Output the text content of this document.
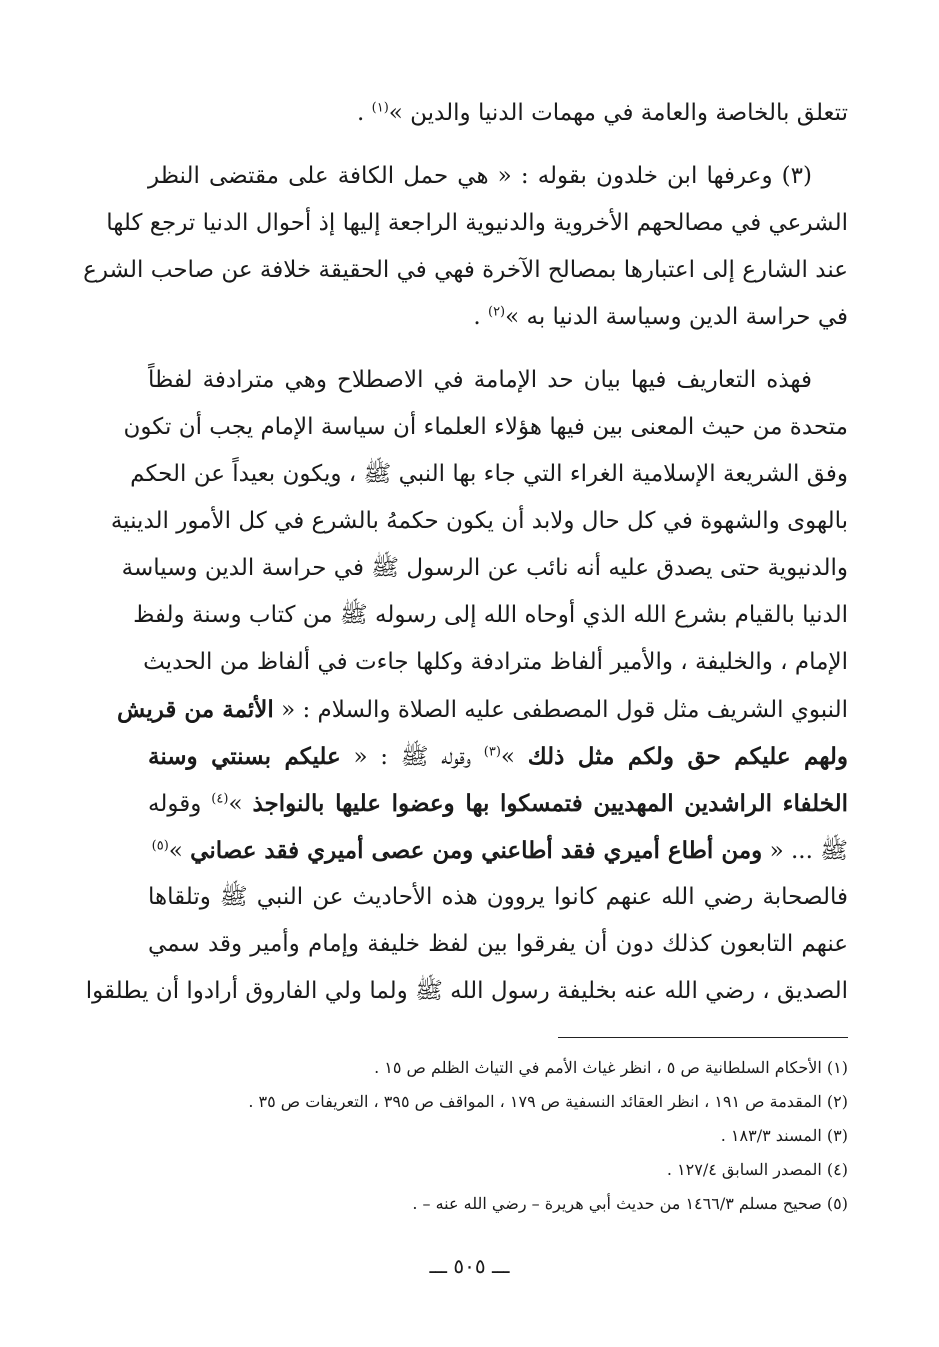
تتعلق بالخاصة والعامة في مهمات الدنيا والدين »$^{(١)}$ .
(٣) وعرفها ابن خلدون بقوله : « هي حمل الكافة على مقتضى النظر
الشرعي في مصالحهم الأخروية والدنيوية الراجعة إليها إذ أحوال الدنيا ترجع كلها
عند الشارع إلى اعتبارها بمصالح الآخرة فهي في الحقيقة خلافة عن صاحب الشرع
في حراسة الدين وسياسة الدنيا به »$^{(٢)}$ .
فهذه التعاريف فيها بيان حد الإمامة في الاصطلاح وهي مترادفة لفظاً
متحدة من حيث المعنى بين فيها هؤلاء العلماء أن سياسة الإمام يجب أن تكون
وفق الشريعة الإسلامية الغراء التي جاء بها النبي ﷺ ، ويكون بعيداً عن الحكم
بالهوى والشهوة في كل حال ولابد أن يكون حكمهُ بالشرع في كل الأمور الدينية
والدنيوية حتى يصدق عليه أنه نائب عن الرسول ﷺ في حراسة الدين وسياسة
الدنيا بالقيام بشرع الله الذي أوحاه الله إلى رسوله ﷺ من كتاب وسنة ولفظ
الإمام ، والخليفة ، والأمير ألفاظ مترادفة وكلها جاءت في ألفاظ من الحديث
النبوي الشريف مثل قول المصطفى عليه الصلاة والسلام : « الأئمة من قريش
ولهم عليكم حق ولكم مثل ذلك »$^{(٣)}$ وقوله ﷺ : « عليكم بسنتي وسنة
الخلفاء الراشدين المهديين فتمسكوا بها وعضوا عليها بالنواجذ »$^{(٤)}$ وقوله
ﷺ ... « ومن أطاع أميري فقد أطاعني ومن عصى أميري فقد عصاني »$^{(٥)}$
فالصحابة رضي الله عنهم كانوا يروون هذه الأحاديث عن النبي ﷺ وتلقاها
عنهم التابعون كذلك دون أن يفرقوا بين لفظ خليفة وإمام وأمير وقد سمي
الصديق ، رضي الله عنه بخليفة رسول الله ﷺ ولما ولي الفاروق أرادوا أن يطلقوا
(١) الأحكام السلطانية ص ٥ ، انظر غياث الأمم في التياث الظلم ص ١٥ .
(٢) المقدمة ص ١٩١ ، انظر العقائد النسفية ص ١٧٩ ، المواقف ص ٣٩٥ ، التعريفات ص ٣٥ .
(٣) المسند ١٨٣/٣ .
(٤) المصدر السابق ١٢٧/٤ .
(٥) صحيح مسلم ١٤٦٦/٣ من حديث أبي هريرة – رضي الله عنه – .
ـــ ٥٠٥ ـــ
